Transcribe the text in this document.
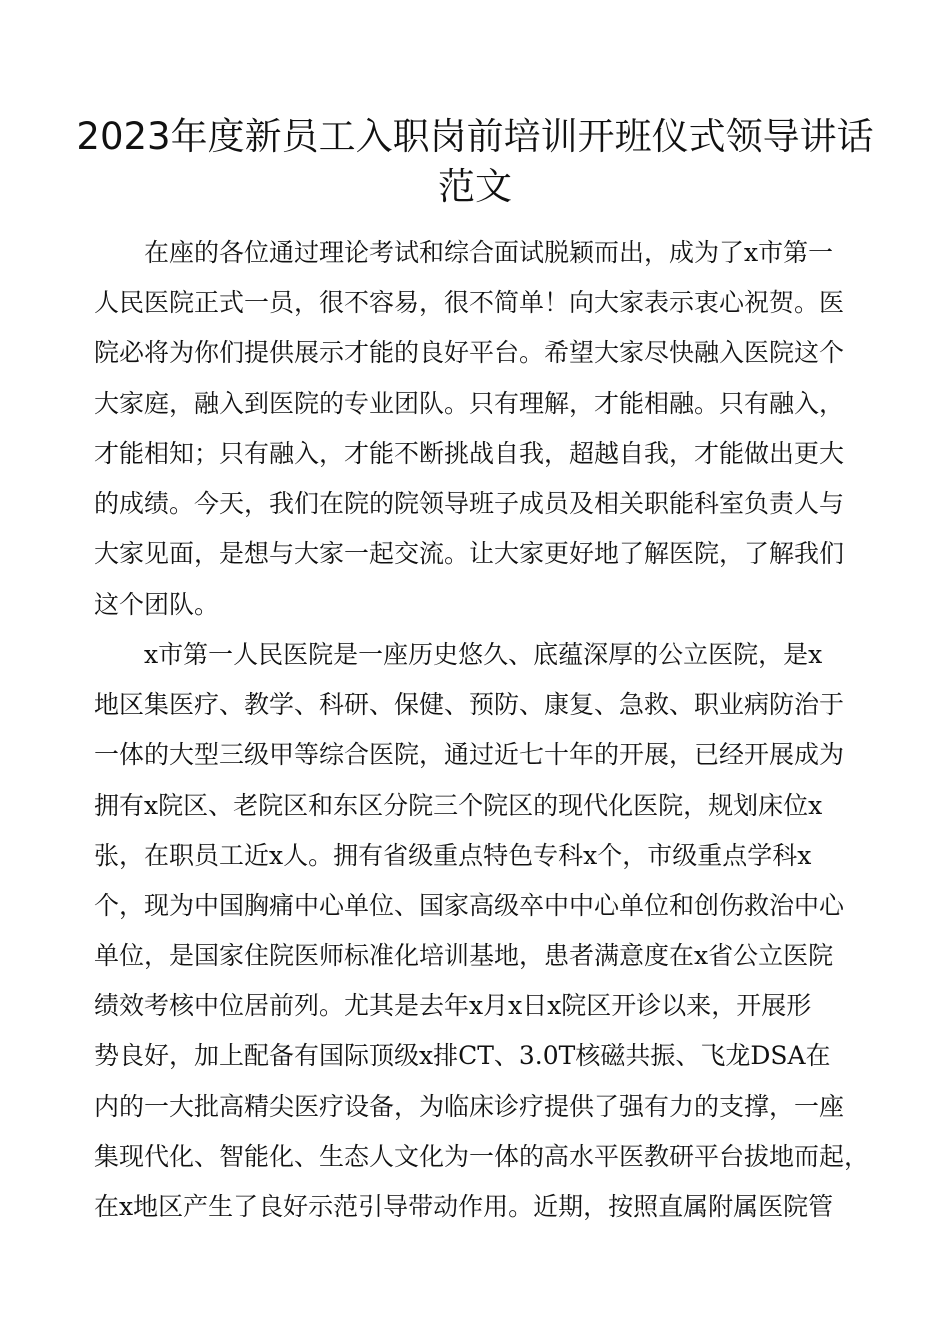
2023年度新员工入职岗前培训开班仪式领导讲话
范文
在座的各位通过理论考试和综合面试脱颖而出，成为了x市第一
人民医院正式一员，很不容易，很不简单！向大家表示衷心祝贺。医
院必将为你们提供展示才能的良好平台。希望大家尽快融入医院这个
大家庭，融入到医院的专业团队。只有理解，才能相融。只有融入，
才能相知；只有融入，才能不断挑战自我，超越自我，才能做出更大
的成绩。今天，我们在院的院领导班子成员及相关职能科室负责人与
大家见面，是想与大家一起交流。让大家更好地了解医院，了解我们
这个团队。
x市第一人民医院是一座历史悠久、底蕴深厚的公立医院，是x
地区集医疗、教学、科研、保健、预防、康复、急救、职业病防治于
一体的大型三级甲等综合医院，通过近七十年的开展，已经开展成为
拥有x院区、老院区和东区分院三个院区的现代化医院，规划床位x
张，在职员工近x人。拥有省级重点特色专科x个，市级重点学科x
个，现为中国胸痛中心单位、国家高级卒中中心单位和创伤救治中心
单位，是国家住院医师标准化培训基地，患者满意度在x省公立医院
绩效考核中位居前列。尤其是去年x月x日x院区开诊以来，开展形
势良好，加上配备有国际顶级x排CT、3.0T核磁共振、飞龙DSA在
内的一大批高精尖医疗设备，为临床诊疗提供了强有力的支撑，一座
集现代化、智能化、生态人文化为一体的高水平医教研平台拔地而起，
在x地区产生了良好示范引导带动作用。近期，按照直属附属医院管
